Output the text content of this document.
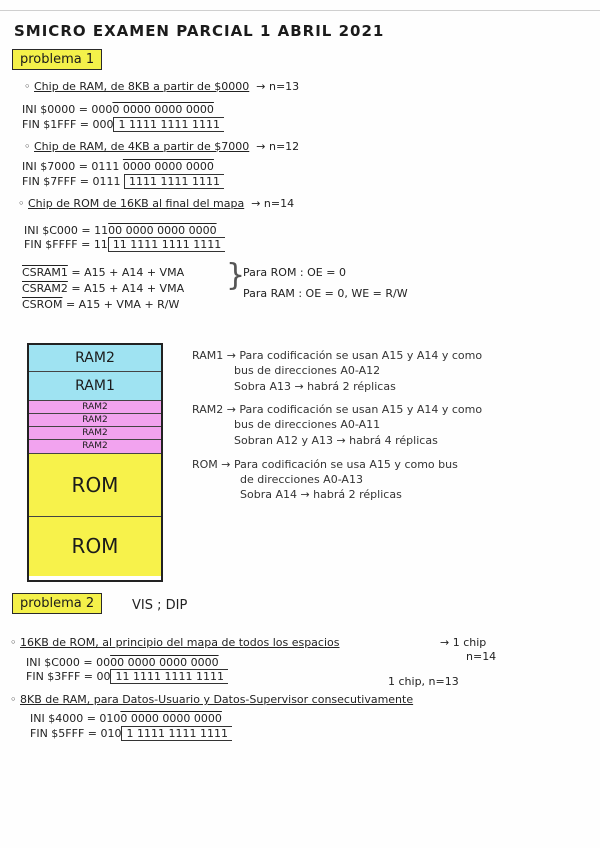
SMICRO EXAMEN PARCIAL 1 ABRIL 2021
problema 1
◦ Chip de RAM, de 8KB a partir de $0000 → n=13
INI $0000 = 0000 0000 0000 0000
FIN $1FFF = 000 1 1111 1111 1111
◦ Chip de RAM, de 4KB a partir de $7000 → n=12
INI $7000 = 0111 0000 0000 0000
FIN $7FFF = 0111 1111 1111 1111
◦ Chip de ROM de 16KB al final del mapa → n=14
INI $C000 = 1100 0000 0000 0000
FIN $FFFF = 11 11 1111 1111 1111
CSRAM1 = A15 + A14 + VMA
CSRAM2 = A15 + A14 + VMA
CSROM = A15 + VMA + R/W
}
Para ROM : OE = 0
Para RAM : OE = 0, WE = R/W
RAM2
RAM1
RAM2
RAM2
RAM2
RAM2
ROM
ROM
RAM1 → Para codificación se usan A15 y A14 y como
bus de direcciones A0-A12
Sobra A13 → habrá 2 réplicas
RAM2 → Para codificación se usan A15 y A14 y como
bus de direcciones A0-A11
Sobran A12 y A13 → habrá 4 réplicas
ROM → Para codificación se usa A15 y como bus
de direcciones A0-A13
Sobra A14 → habrá 2 réplicas
problema 2	VIS ; DIP
◦ 16KB de ROM, al principio del mapa de todos los espacios	→ 1 chip
n=14
INI $C000 = 0000 0000 0000 0000
FIN $3FFF = 00 11 1111 1111 1111	1 chip, n=13
◦ 8KB de RAM, para Datos-Usuario y Datos-Supervisor consecutivamente
INI $4000 = 0100 0000 0000 0000
FIN $5FFF = 010 1 1111 1111 1111
